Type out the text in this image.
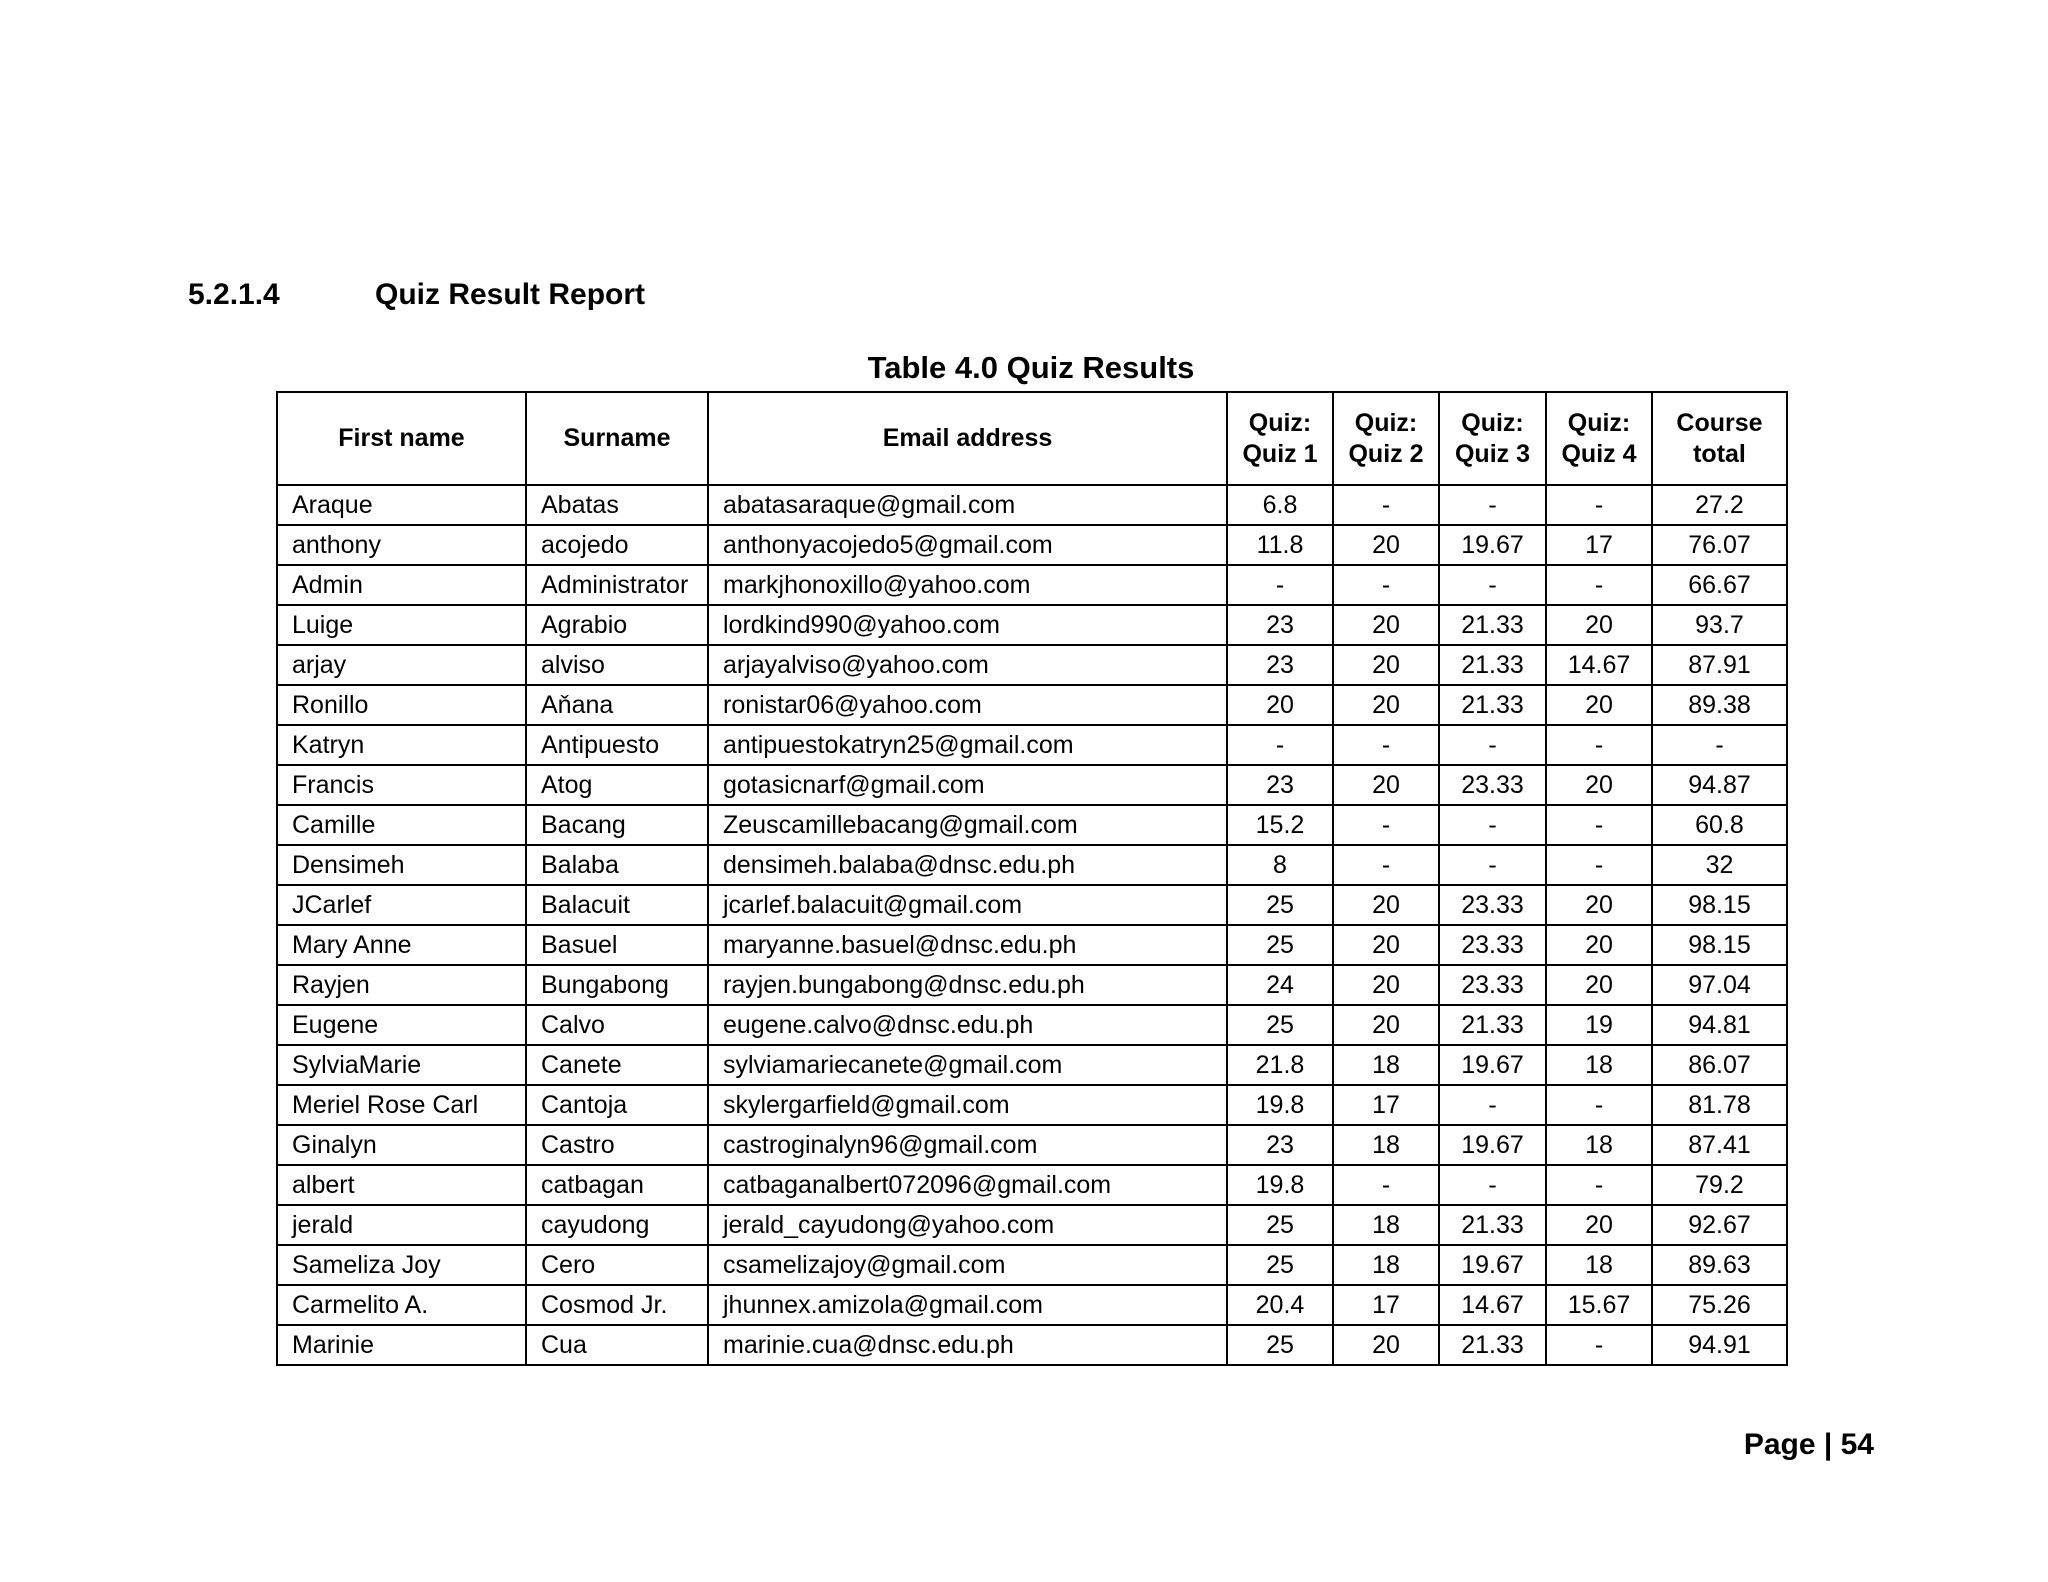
5.2.1.4	Quiz Result Report
Table 4.0 Quiz Results
First name	Surname	Email address	Quiz: Quiz 1	Quiz: Quiz 2	Quiz: Quiz 3	Quiz: Quiz 4	Course total
Araque	Abatas	abatasaraque@gmail.com	6.8	-	-	-	27.2
anthony	acojedo	anthonyacojedo5@gmail.com	11.8	20	19.67	17	76.07
Admin	Administrator	markjhonoxillo@yahoo.com	-	-	-	-	66.67
Luige	Agrabio	lordkind990@yahoo.com	23	20	21.33	20	93.7
arjay	alviso	arjayalviso@yahoo.com	23	20	21.33	14.67	87.91
Ronillo	Aňana	ronistar06@yahoo.com	20	20	21.33	20	89.38
Katryn	Antipuesto	antipuestokatryn25@gmail.com	-	-	-	-	-
Francis	Atog	gotasicnarf@gmail.com	23	20	23.33	20	94.87
Camille	Bacang	Zeuscamillebacang@gmail.com	15.2	-	-	-	60.8
Densimeh	Balaba	densimeh.balaba@dnsc.edu.ph	8	-	-	-	32
JCarlef	Balacuit	jcarlef.balacuit@gmail.com	25	20	23.33	20	98.15
Mary Anne	Basuel	maryanne.basuel@dnsc.edu.ph	25	20	23.33	20	98.15
Rayjen	Bungabong	rayjen.bungabong@dnsc.edu.ph	24	20	23.33	20	97.04
Eugene	Calvo	eugene.calvo@dnsc.edu.ph	25	20	21.33	19	94.81
SylviaMarie	Canete	sylviamariecanete@gmail.com	21.8	18	19.67	18	86.07
Meriel Rose Carl	Cantoja	skylergarfield@gmail.com	19.8	17	-	-	81.78
Ginalyn	Castro	castroginalyn96@gmail.com	23	18	19.67	18	87.41
albert	catbagan	catbaganalbert072096@gmail.com	19.8	-	-	-	79.2
jerald	cayudong	jerald_cayudong@yahoo.com	25	18	21.33	20	92.67
Sameliza Joy	Cero	csamelizajoy@gmail.com	25	18	19.67	18	89.63
Carmelito A.	Cosmod Jr.	jhunnex.amizola@gmail.com	20.4	17	14.67	15.67	75.26
Marinie	Cua	marinie.cua@dnsc.edu.ph	25	20	21.33	-	94.91
Page | 54
